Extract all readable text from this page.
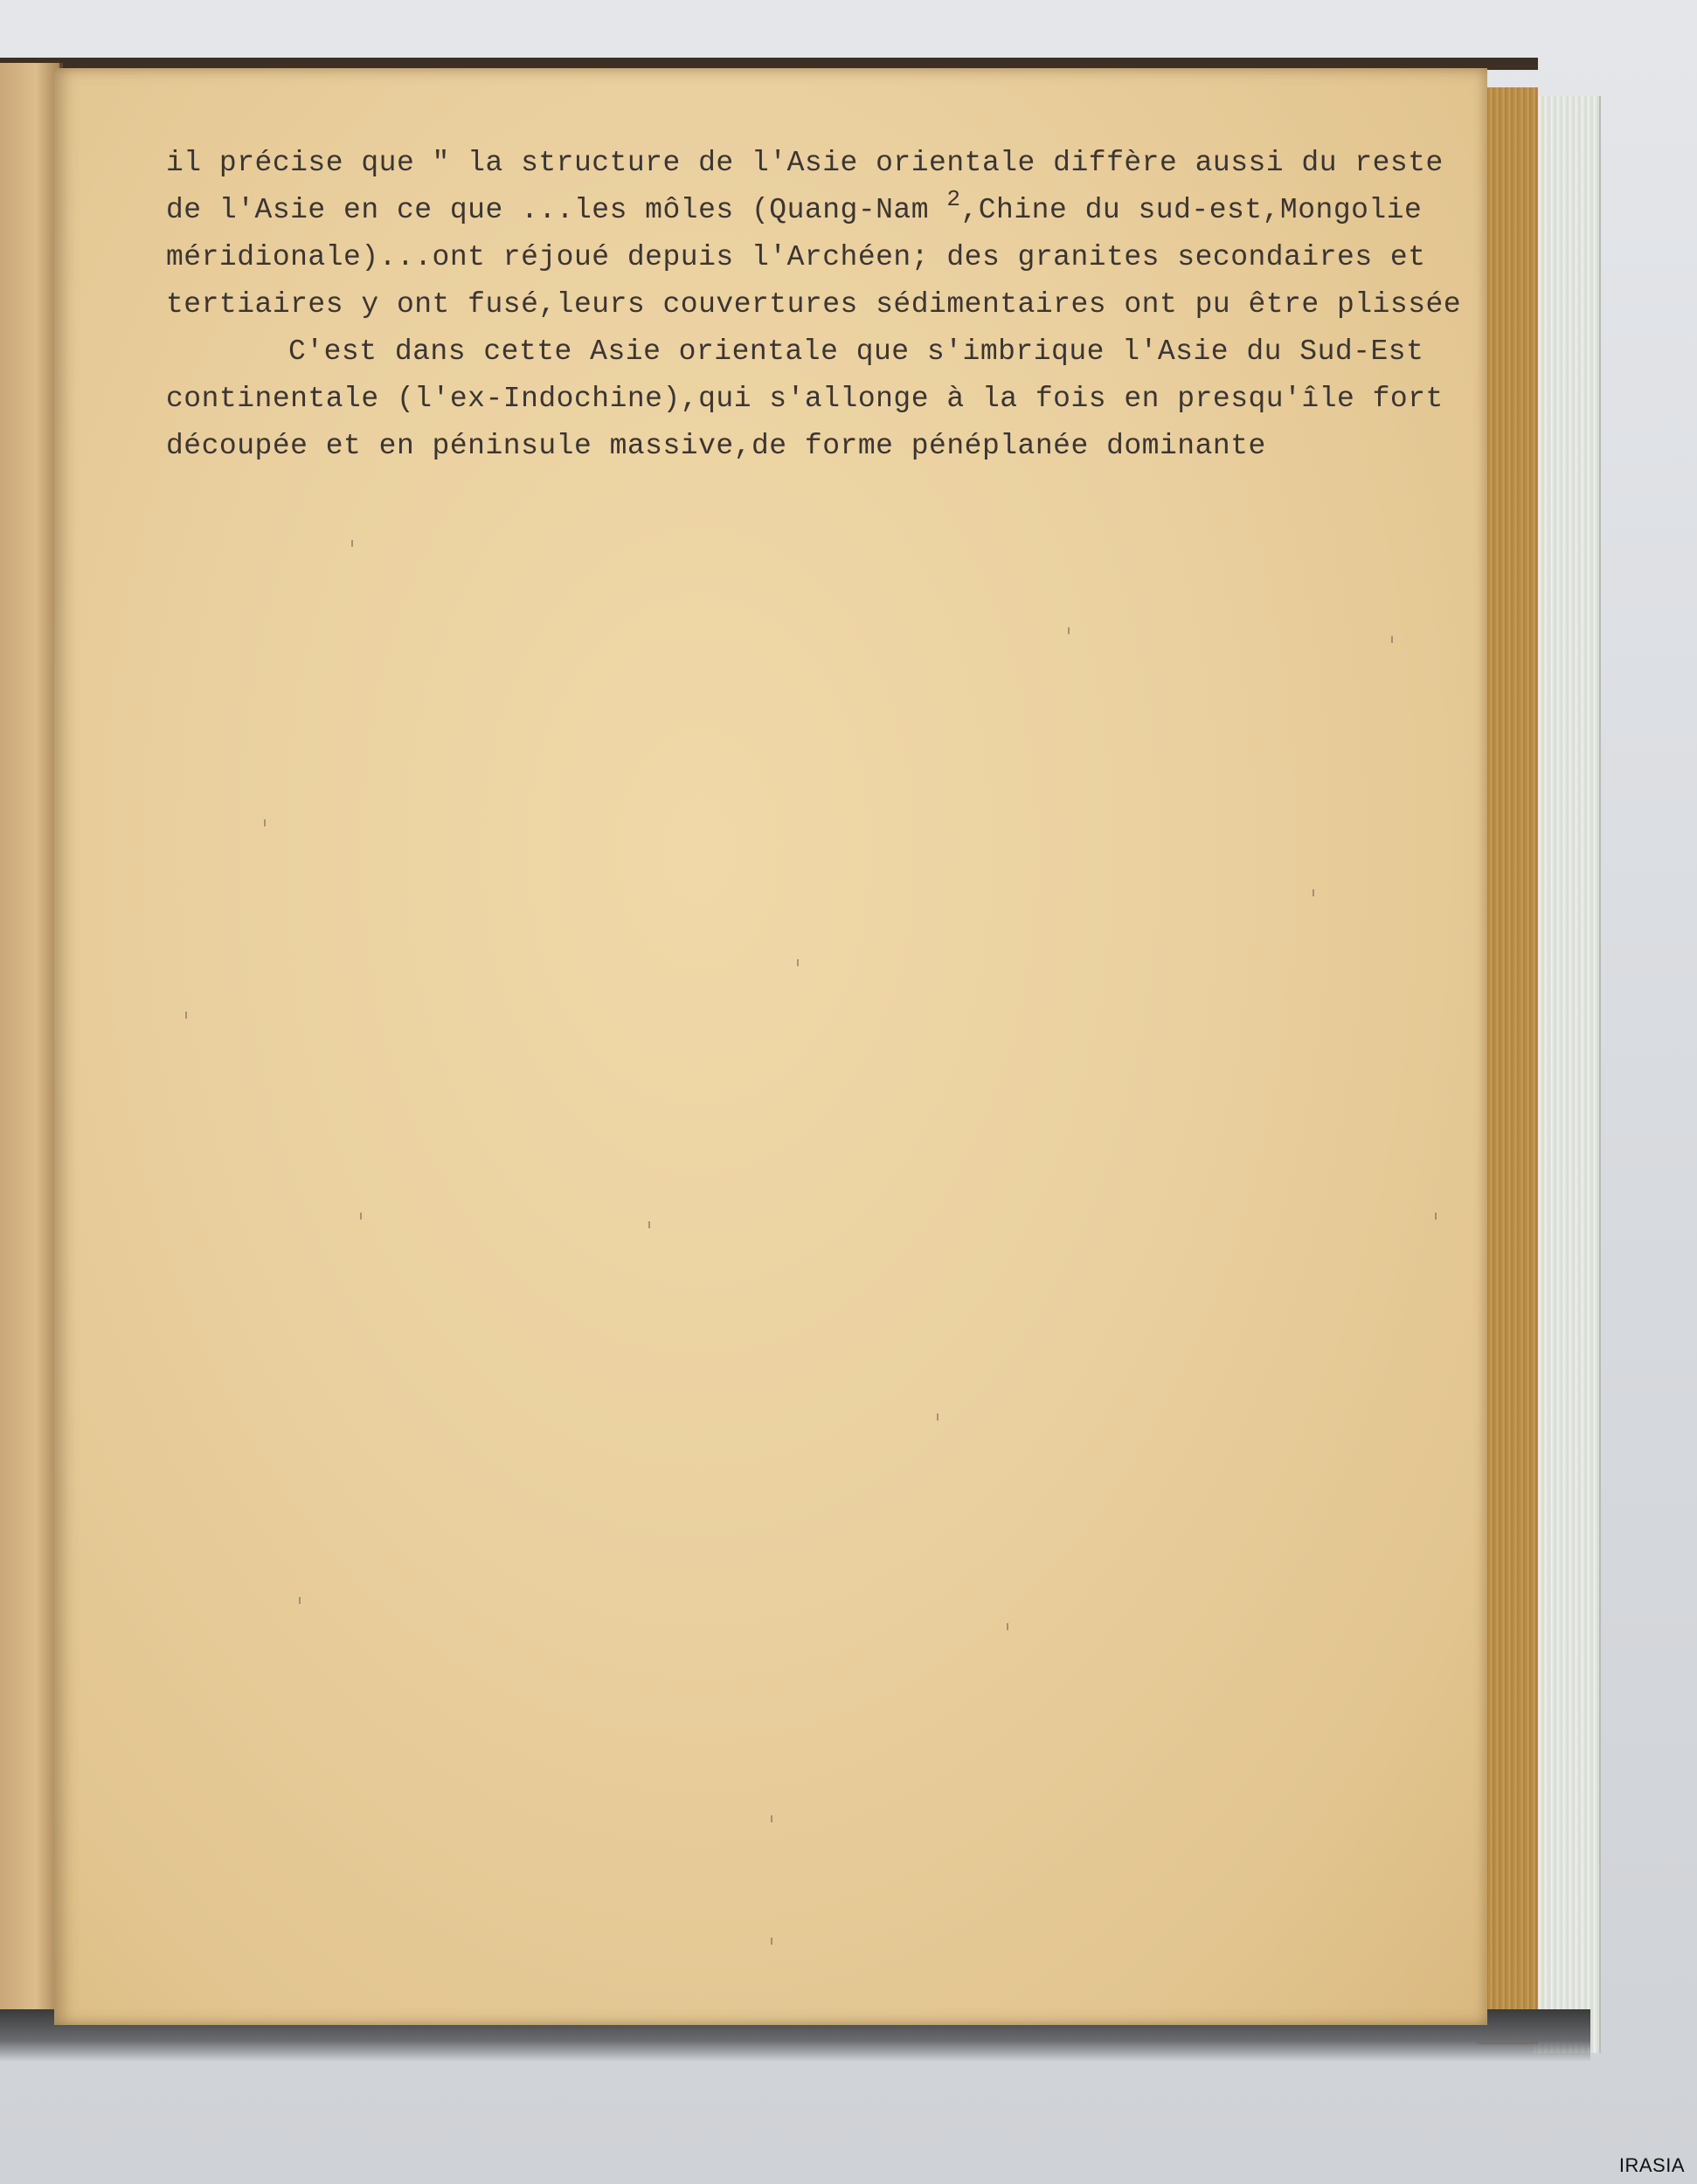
il précise que " la structure de l'Asie orientale diffère aussi du reste
de l'Asie en ce que ...les môles (Quang-Nam $^2$,Chine du sud-est,Mongolie
méridionale)...ont réjoué depuis l'Archéen; des granites secondaires et
tertiaires y ont fusé,leurs couvertures sédimentaires ont pu être plissée
C'est dans cette Asie orientale que s'imbrique l'Asie du Sud-Est
continentale (l'ex-Indochine),qui s'allonge à la fois en presqu'île fort
découpée et en péninsule massive,de forme pénéplanée dominante
IRASIA
